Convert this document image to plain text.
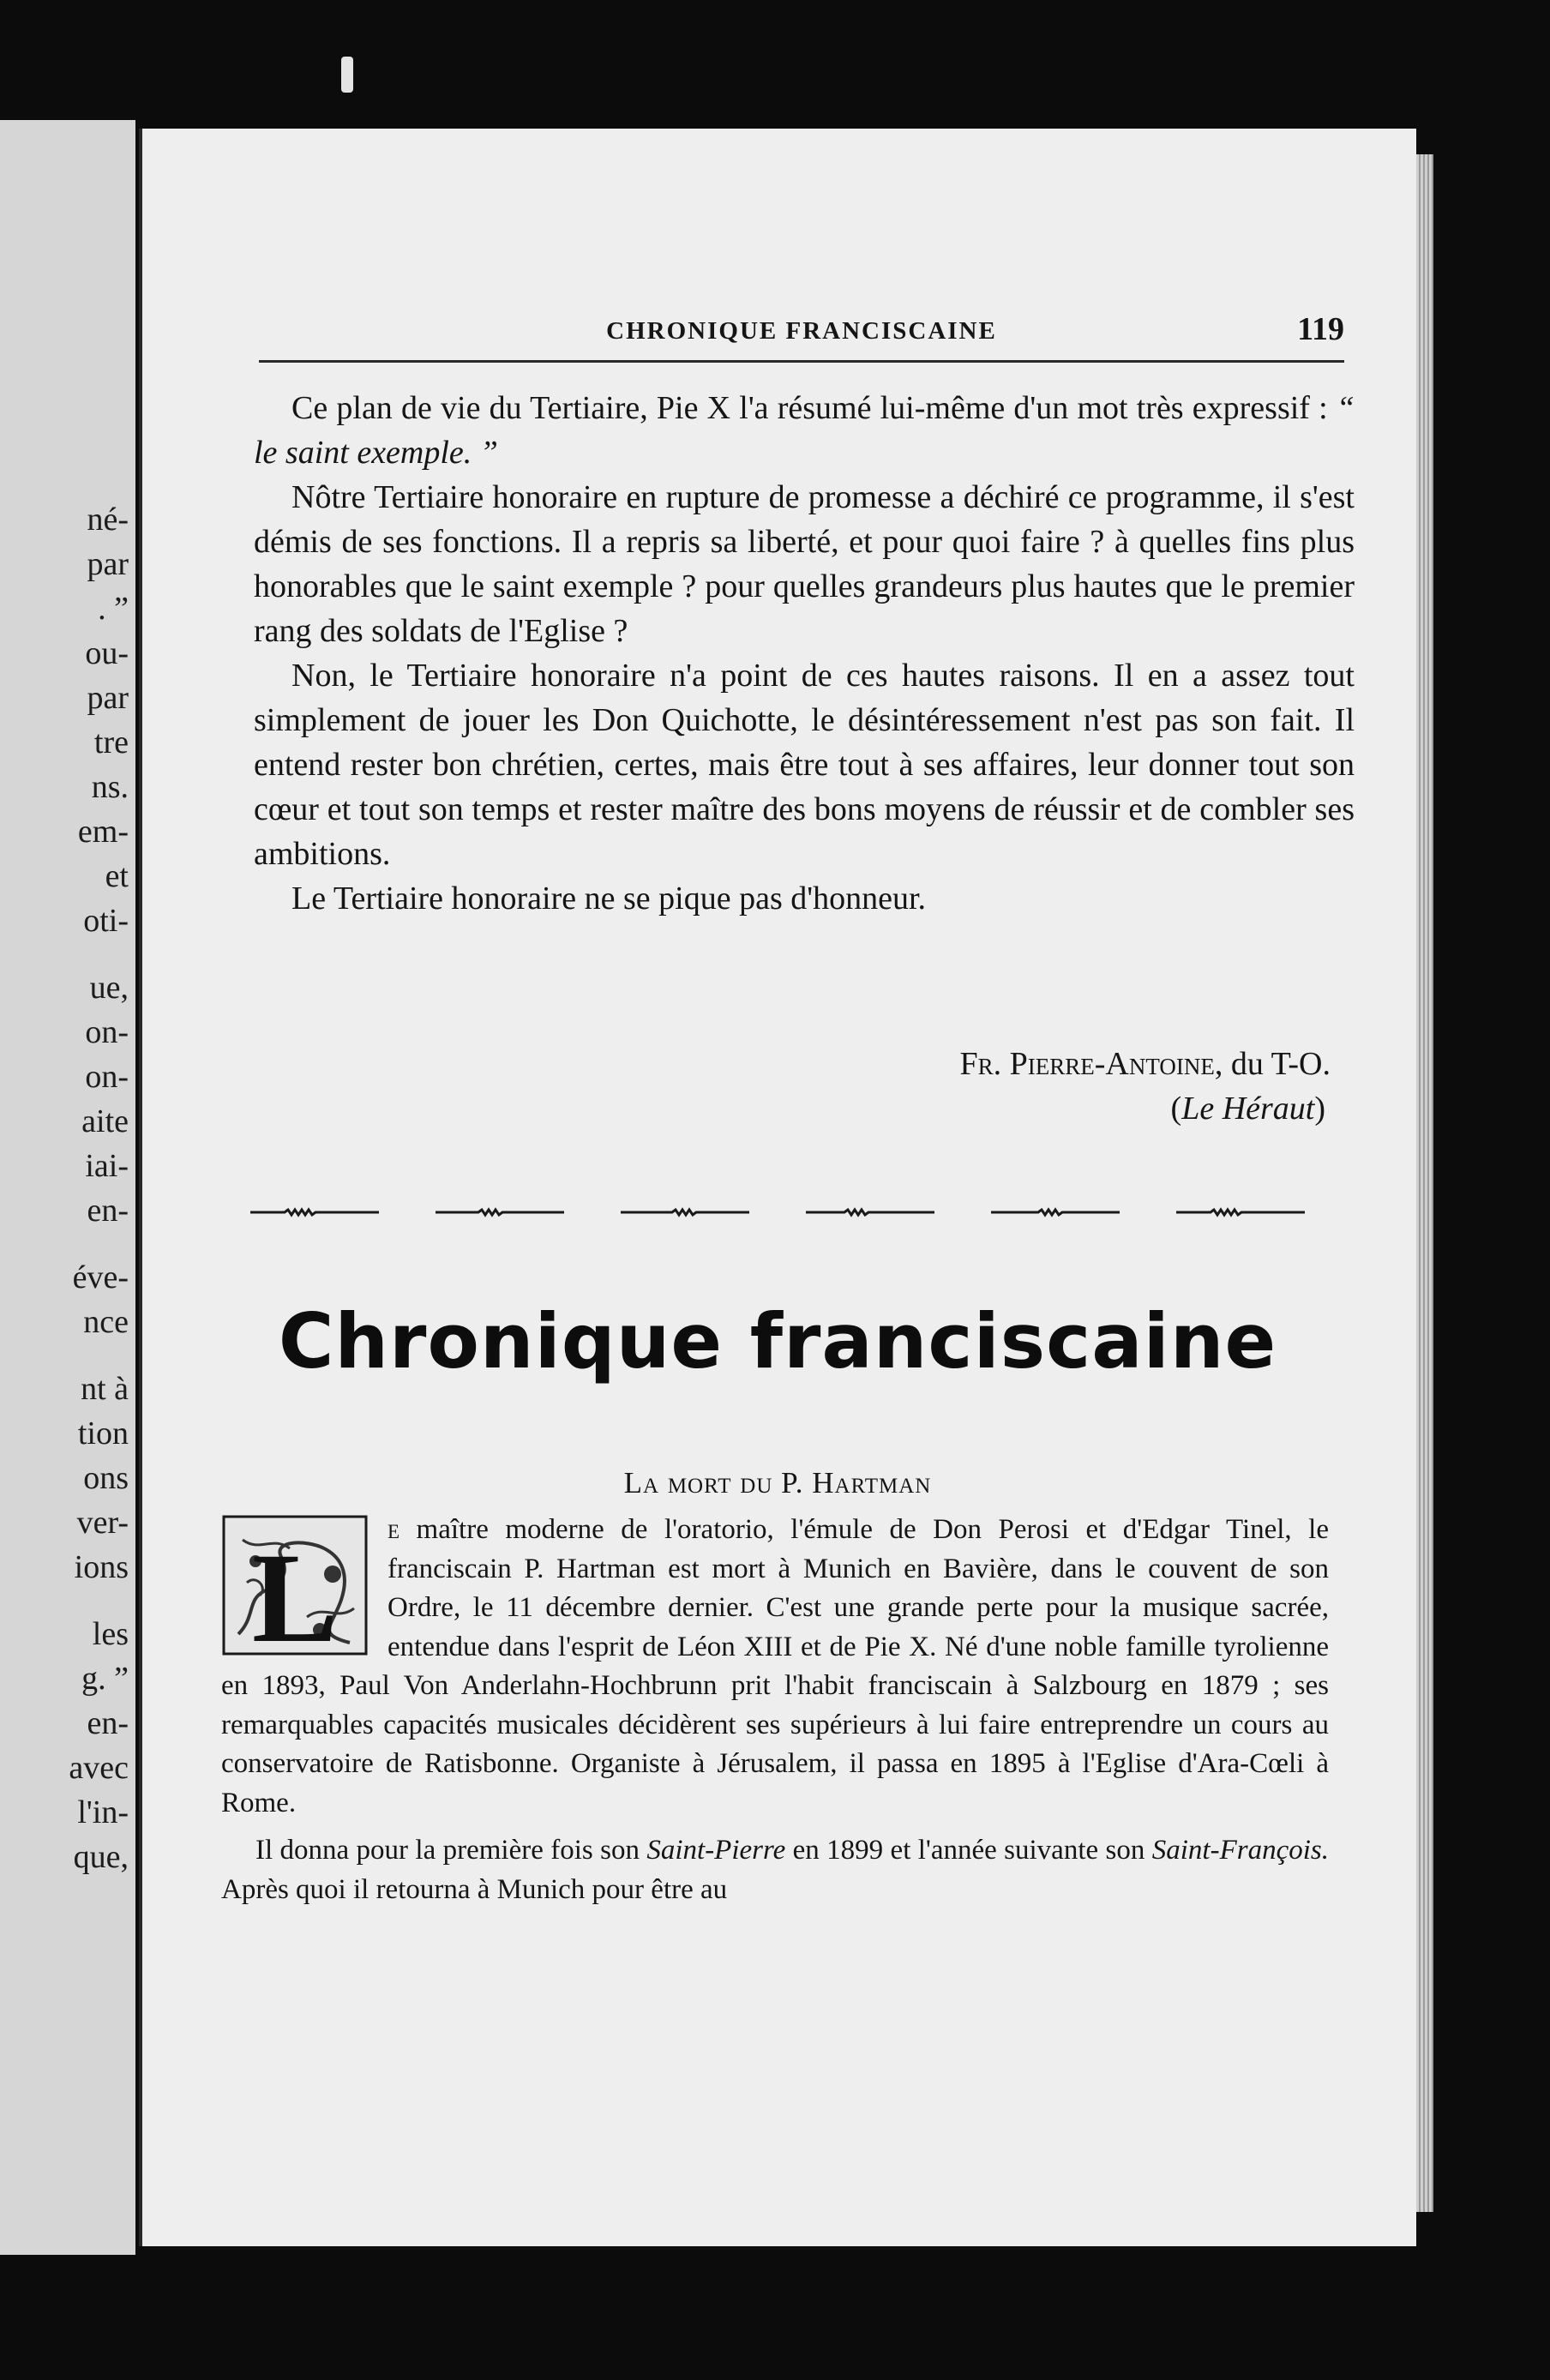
né-
par
. ”
ou-
par
tre
ns.
em-
et
oti-
ue,
on-
on-
aite
iai-
en-
éve-
nce
nt à
tion
ons
ver-
ions
les
g. ”
en-
avec
l'in-
que,
CHRONIQUE FRANCISCAINE	119

Ce plan de vie du Tertiaire, Pie X l'a résumé lui-même d'un mot très expressif : “ le saint exemple. ”

Nôtre Tertiaire honoraire en rupture de promesse a déchiré ce programme, il s'est démis de ses fonctions. Il a repris sa liberté, et pour quoi faire ? à quelles fins plus honorables que le saint exemple ? pour quelles grandeurs plus hautes que le premier rang des soldats de l'Eglise ?

Non, le Tertiaire honoraire n'a point de ces hautes raisons. Il en a assez tout simplement de jouer les Don Quichotte, le désintéressement n'est pas son fait. Il entend rester bon chrétien, certes, mais être tout à ses affaires, leur donner tout son cœur et tout son temps et rester maître des bons moyens de réussir et de combler ses ambitions.

Le Tertiaire honoraire ne se pique pas d'honneur.

Fr. Pierre-Antoine, du T-O.
(Le Héraut)
Chronique franciscaine
La mort du P. Hartman
L	e maître moderne de l'oratorio, l'émule de Don Perosi et d'Edgar Tinel, le franciscain P. Hartman est mort à Munich en Bavière, dans le couvent de son Ordre, le 11 décembre dernier. C'est une grande perte pour la musique sacrée, entendue dans l'esprit de Léon XIII et de Pie X. Né d'une noble famille tyrolienne en 1893, Paul Von Anderlahn-Hochbrunn prit l'habit franciscain à Salzbourg en 1879 ; ses remarquables capacités musicales décidèrent ses supérieurs à lui faire entreprendre un cours au conservatoire de Ratisbonne. Organiste à Jérusalem, il passa en 1895 à l'Eglise d'Ara-Cœli à Rome.

Il donna pour la première fois son Saint-Pierre en 1899 et l'année suivante son Saint-François. Après quoi il retourna à Munich pour être au
